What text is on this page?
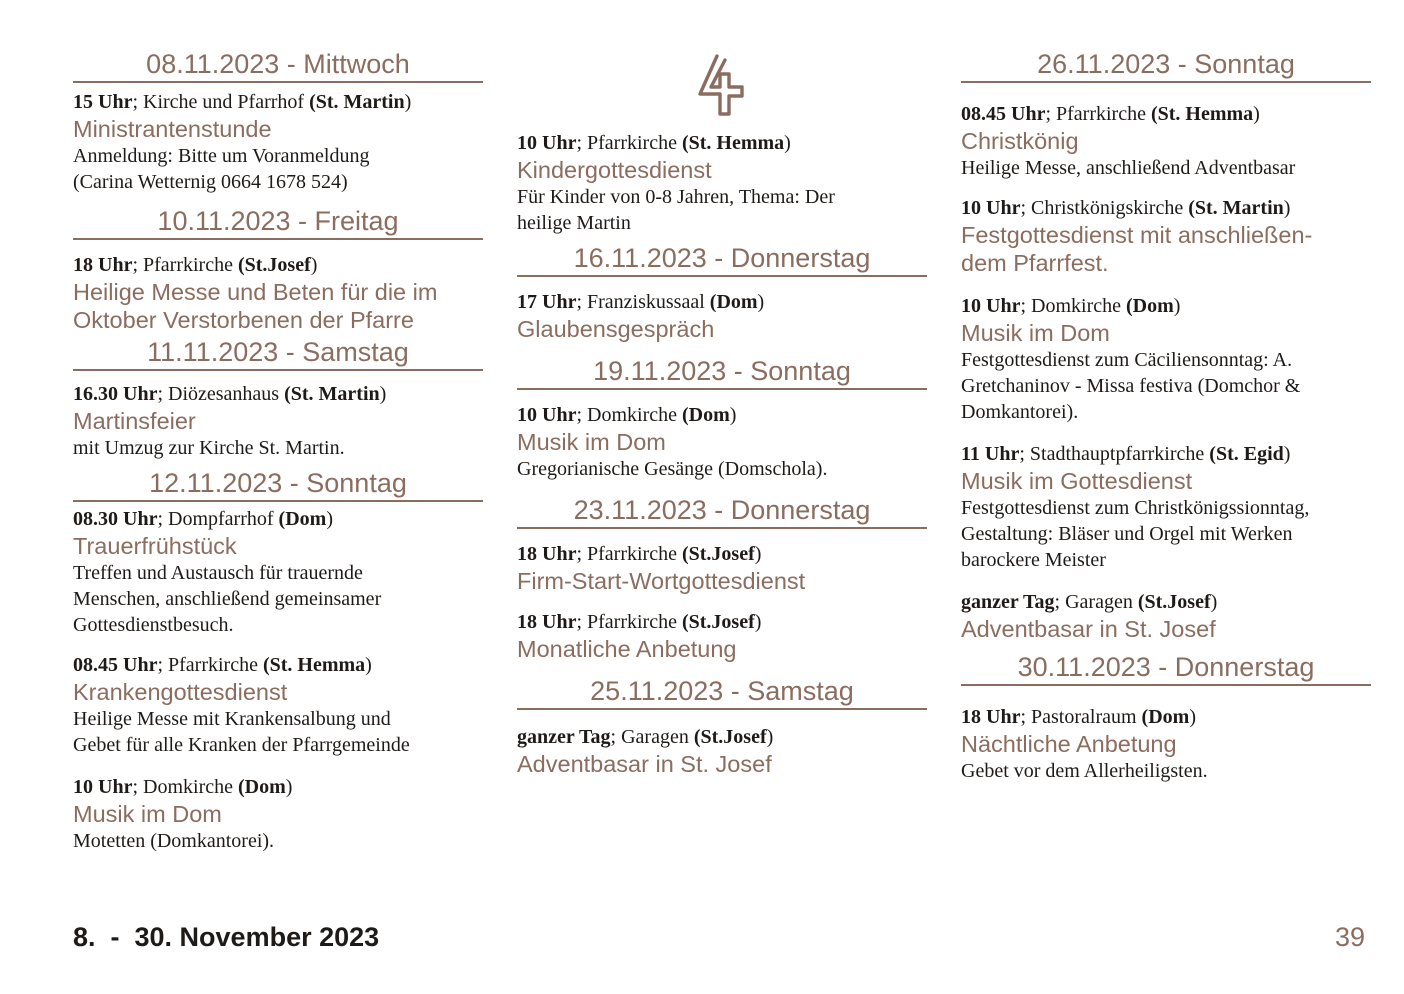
08.11.2023 - Mittwoch
15 Uhr; Kirche und Pfarrhof (St. Martin)
Ministrantenstunde
Anmeldung: Bitte um Voranmeldung
(Carina Wetternig 0664 1678 524)
10.11.2023 - Freitag
18 Uhr; Pfarrkirche (St.Josef)
Heilige Messe und Beten für die im
Oktober Verstorbenen der Pfarre
11.11.2023 - Samstag
16.30 Uhr; Diözesanhaus (St. Martin)
Martinsfeier
mit Umzug zur Kirche St. Martin.
12.11.2023 - Sonntag
08.30 Uhr; Dompfarrhof (Dom)
Trauerfrühstück
Treffen und Austausch für trauernde
Menschen, anschließend gemeinsamer
Gottesdienstbesuch.
08.45 Uhr; Pfarrkirche (St. Hemma)
Krankengottesdienst
Heilige Messe mit Krankensalbung und
Gebet für alle Kranken der Pfarrgemeinde
10 Uhr; Domkirche (Dom)
Musik im Dom
Motetten (Domkantorei).
10 Uhr; Pfarrkirche (St. Hemma)
Kindergottesdienst
Für Kinder von 0-8 Jahren, Thema: Der
heilige Martin
16.11.2023 - Donnerstag
17 Uhr; Franziskussaal (Dom)
Glaubensgespräch
19.11.2023 - Sonntag
10 Uhr; Domkirche (Dom)
Musik im Dom
Gregorianische Gesänge (Domschola).
23.11.2023 - Donnerstag
18 Uhr; Pfarrkirche (St.Josef)
Firm-Start-Wortgottesdienst
18 Uhr; Pfarrkirche (St.Josef)
Monatliche Anbetung
25.11.2023 - Samstag
ganzer Tag; Garagen (St.Josef)
Adventbasar in St. Josef
26.11.2023 - Sonntag
08.45 Uhr; Pfarrkirche (St. Hemma)
Christkönig
Heilige Messe, anschließend Adventbasar
10 Uhr; Christkönigskirche (St. Martin)
Festgottesdienst mit anschließen-
dem Pfarrfest.
10 Uhr; Domkirche (Dom)
Musik im Dom
Festgottesdienst zum Cäciliensonntag: A.
Gretchaninov - Missa festiva (Domchor &
Domkantorei).
11 Uhr; Stadthauptpfarrkirche (St. Egid)
Musik im Gottesdienst
Festgottesdienst zum Christkönigssionntag,
Gestaltung: Bläser und Orgel mit Werken
barockere Meister
ganzer Tag; Garagen (St.Josef)
Adventbasar in St. Josef
30.11.2023 - Donnerstag
18 Uhr; Pastoralraum (Dom)
Nächtliche Anbetung
Gebet vor dem Allerheiligsten.
8.  -  30. November 2023	39
